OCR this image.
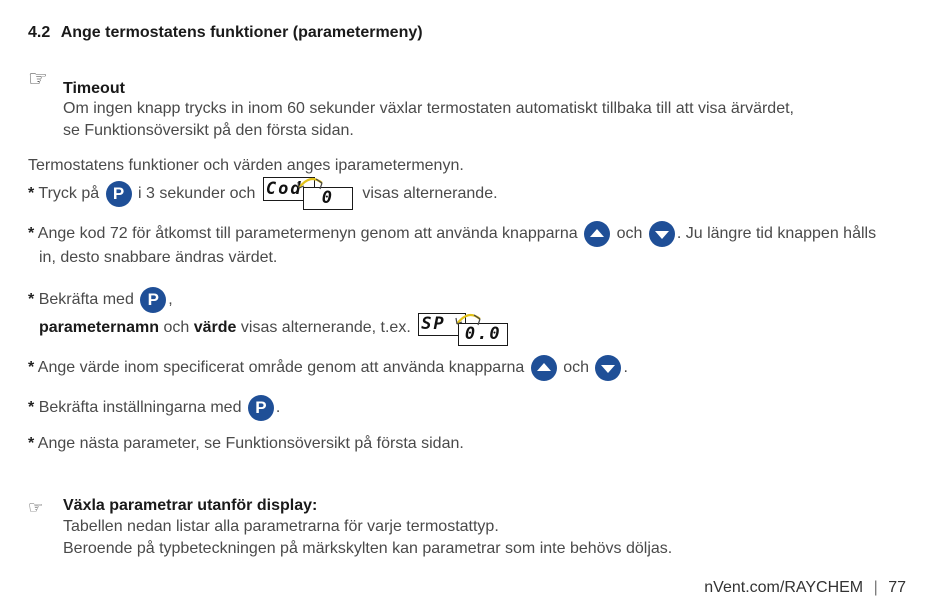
4.2 Ange termostatens funktioner (parametermeny)
☞ Timeout
Om ingen knapp trycks in inom 60 sekunder växlar termostaten automatiskt tillbaka till att visa ärvärdet,
se Funktionsöversikt på den första sidan.
Termostatens funktioner och värden anges iparametermenyn.
* Tryck på P i 3 sekunder och Cod	0	visas alternerande.
* Ange kod 72 för åtkomst till parametermenyn genom att använda knapparna och . Ju längre tid knappen hålls
in, desto snabbare ändras värdet.
* Bekräfta med P ,
parameternamn och värde visas alternerande, t.ex. SP	0.0
* Ange värde inom specificerat område genom att använda knapparna och .
* Bekräfta inställningarna med P .
* Ange nästa parameter, se Funktionsöversikt på första sidan.
☞ Växla parametrar utanför display:
Tabellen nedan listar alla parametrarna för varje termostattyp.
Beroende på typbeteckningen på märkskylten kan parametrar som inte behövs döljas.
nVent.com/RAYCHEM | 77
